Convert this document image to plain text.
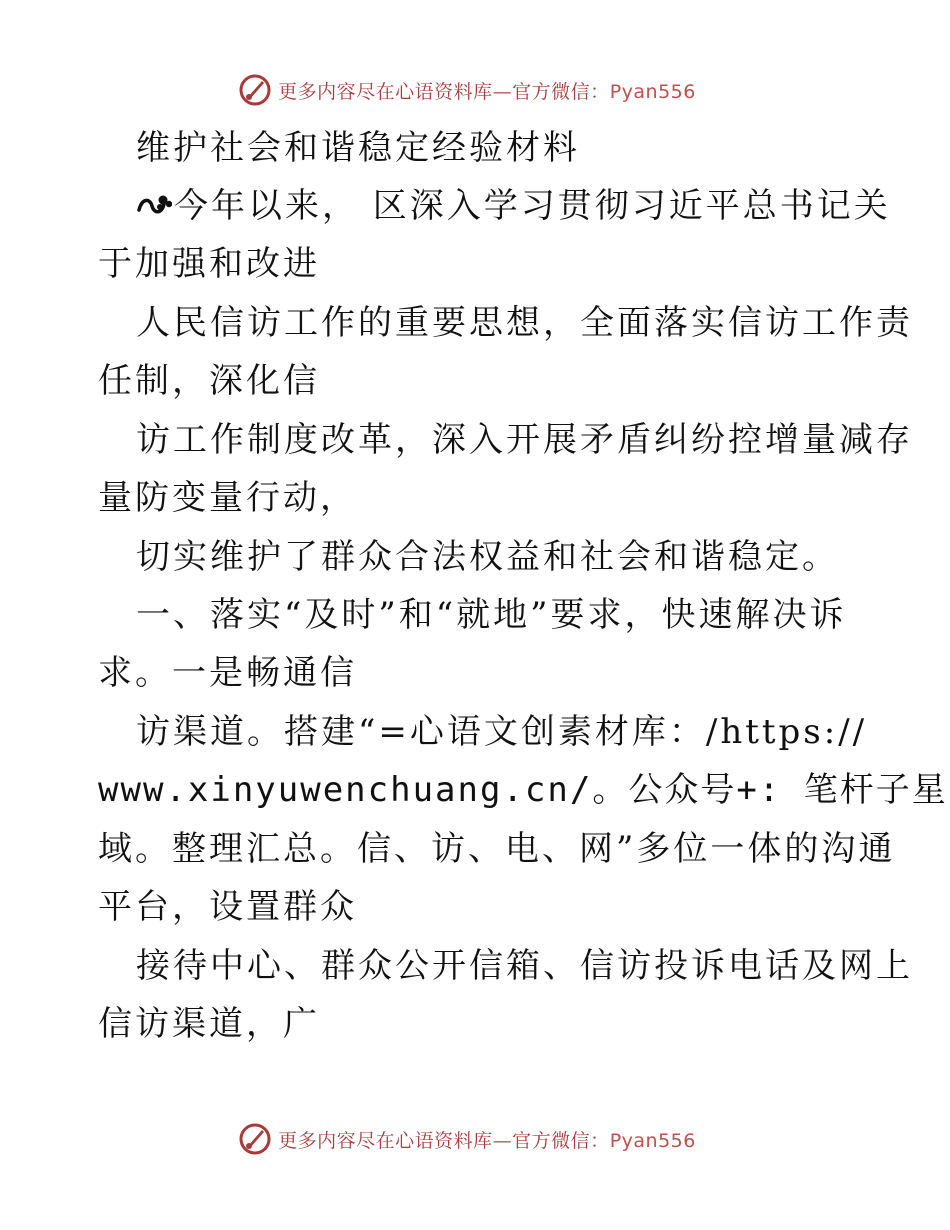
更多内容尽在心语资料库—官方微信：Pyan556
维护社会和谐稳定经验材料
今年以来， 区深入学习贯彻习近平总书记关
于加强和改进
人民信访工作的重要思想，全面落实信访工作责
任制，深化信
访工作制度改革，深入开展矛盾纠纷控增量减存
量防变量行动，
切实维护了群众合法权益和社会和谐稳定。
一、落实“及时”和“就地”要求，快速解决诉
求。一是畅通信
访渠道。搭建“=心语文创素材库：/https://
www.xinyuwenchuang.cn/。公众号+: 笔杆子星
域。整理汇总。信、访、电、网”多位一体的沟通
平台，设置群众
接待中心、群众公开信箱、信访投诉电话及网上
信访渠道，广
更多内容尽在心语资料库—官方微信：Pyan556
